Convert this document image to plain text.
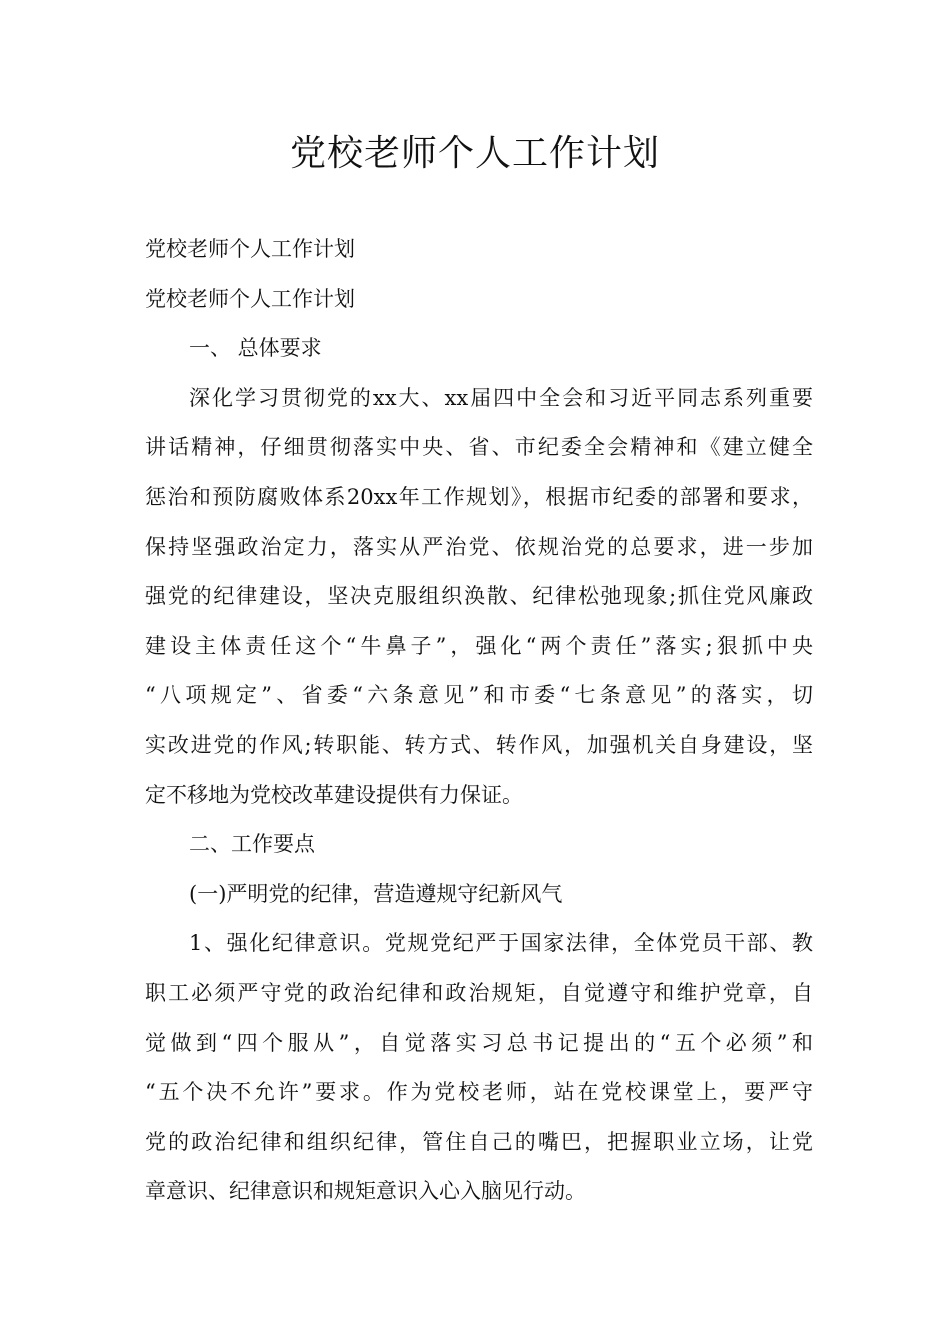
党校老师个人工作计划

党校老师个人工作计划

党校老师个人工作计划

一、 总体要求

深化学习贯彻党的xx大、xx届四中全会和习近平同志系列重要

讲话精神，仔细贯彻落实中央、省、市纪委全会精神和《建立健全

惩治和预防腐败体系20xx年工作规划》，根据市纪委的部署和要求，

保持坚强政治定力，落实从严治党、依规治党的总要求，进一步加

强党的纪律建设，坚决克服组织涣散、纪律松弛现象;抓住党风廉政

建设主体责任这个“牛鼻子”，强化“两个责任”落实;狠抓中央

“八项规定”、省委“六条意见”和市委“七条意见”的落实，切

实改进党的作风;转职能、转方式、转作风，加强机关自身建设，坚

定不移地为党校改革建设提供有力保证。

二、工作要点

(一)严明党的纪律，营造遵规守纪新风气

1、强化纪律意识。党规党纪严于国家法律，全体党员干部、教

职工必须严守党的政治纪律和政治规矩，自觉遵守和维护党章，自

觉做到“四个服从”，自觉落实习总书记提出的“五个必须”和

“五个决不允许”要求。作为党校老师，站在党校课堂上，要严守

党的政治纪律和组织纪律，管住自己的嘴巴，把握职业立场，让党

章意识、纪律意识和规矩意识入心入脑见行动。
